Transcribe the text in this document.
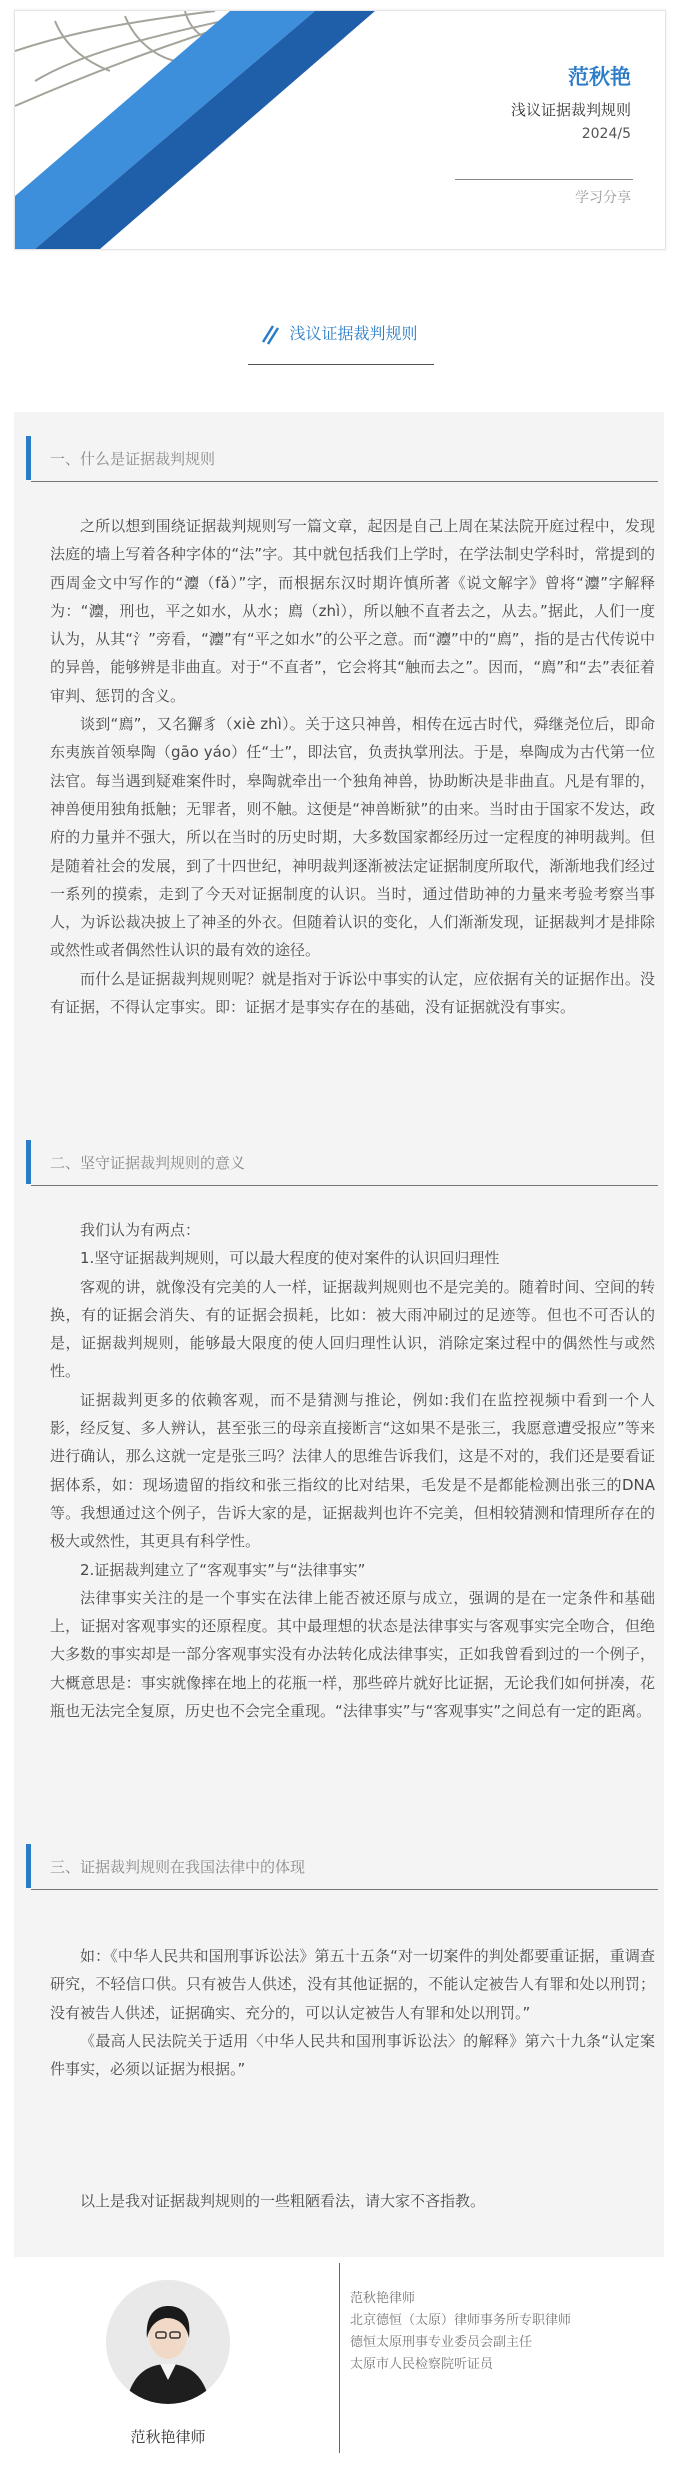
范秋艳
浅议证据裁判规则
2024/5
学习分享
浅议证据裁判规则
一、什么是证据裁判规则

之所以想到围绕证据裁判规则写一篇文章，起因是自己上周在某法院开庭过程中，发现法庭的墙上写着各种字体的“法”字。其中就包括我们上学时，在学法制史学科时，常提到的西周金文中写作的“灋（fǎ）”字，而根据东汉时期许慎所著《说文解字》曾将“灋”字解释为：“灋，刑也，平之如水，从水；廌（zhì），所以触不直者去之，从去。”据此，人们一度认为，从其“氵”旁看，“灋”有“平之如水”的公平之意。而“灋”中的“廌”，指的是古代传说中的异兽，能够辨是非曲直。对于“不直者”，它会将其“触而去之”。因而，“廌”和“去”表征着审判、惩罚的含义。

谈到“廌”，又名獬豸（xiè zhì）。关于这只神兽，相传在远古时代，舜继尧位后，即命东夷族首领皋陶（gāo yáo）任“士”，即法官，负责执掌刑法。于是，皋陶成为古代第一位法官。每当遇到疑难案件时，皋陶就牵出一个独角神兽，协助断决是非曲直。凡是有罪的，神兽便用独角抵触；无罪者，则不触。这便是“神兽断狱”的由来。当时由于国家不发达，政府的力量并不强大，所以在当时的历史时期，大多数国家都经历过一定程度的神明裁判。但是随着社会的发展，到了十四世纪，神明裁判逐渐被法定证据制度所取代，渐渐地我们经过一系列的摸索，走到了今天对证据制度的认识。当时，通过借助神的力量来考验考察当事人，为诉讼裁决披上了神圣的外衣。但随着认识的变化，人们渐渐发现，证据裁判才是排除或然性或者偶然性认识的最有效的途径。

而什么是证据裁判规则呢？就是指对于诉讼中事实的认定，应依据有关的证据作出。没有证据，不得认定事实。即：证据才是事实存在的基础，没有证据就没有事实。

二、坚守证据裁判规则的意义

我们认为有两点：

1.坚守证据裁判规则，可以最大程度的使对案件的认识回归理性

客观的讲，就像没有完美的人一样，证据裁判规则也不是完美的。随着时间、空间的转换，有的证据会消失、有的证据会损耗，比如：被大雨冲刷过的足迹等。但也不可否认的是，证据裁判规则，能够最大限度的使人回归理性认识，消除定案过程中的偶然性与或然性。

证据裁判更多的依赖客观，而不是猜测与推论，例如:我们在监控视频中看到一个人影，经反复、多人辨认，甚至张三的母亲直接断言“这如果不是张三，我愿意遭受报应”等来进行确认，那么这就一定是张三吗？法律人的思维告诉我们，这是不对的，我们还是要看证据体系，如：现场遗留的指纹和张三指纹的比对结果，毛发是不是都能检测出张三的DNA等。我想通过这个例子，告诉大家的是，证据裁判也许不完美，但相较猜测和情理所存在的极大或然性，其更具有科学性。

2.证据裁判建立了“客观事实”与“法律事实”

法律事实关注的是一个事实在法律上能否被还原与成立，强调的是在一定条件和基础上，证据对客观事实的还原程度。其中最理想的状态是法律事实与客观事实完全吻合，但绝大多数的事实却是一部分客观事实没有办法转化成法律事实，正如我曾看到过的一个例子，大概意思是：事实就像摔在地上的花瓶一样，那些碎片就好比证据，无论我们如何拼凑，花瓶也无法完全复原，历史也不会完全重现。“法律事实”与“客观事实”之间总有一定的距离。

三、证据裁判规则在我国法律中的体现

如：《中华人民共和国刑事诉讼法》第五十五条“对一切案件的判处都要重证据，重调查研究，不轻信口供。只有被告人供述，没有其他证据的，不能认定被告人有罪和处以刑罚；没有被告人供述，证据确实、充分的，可以认定被告人有罪和处以刑罚。”

《最高人民法院关于适用〈中华人民共和国刑事诉讼法〉的解释》第六十九条“认定案件事实，必须以证据为根据。”

以上是我对证据裁判规则的一些粗陋看法，请大家不吝指教。

范秋艳律师
范秋艳律师
北京德恒（太原）律师事务所专职律师
德恒太原刑事专业委员会副主任
太原市人民检察院听证员
